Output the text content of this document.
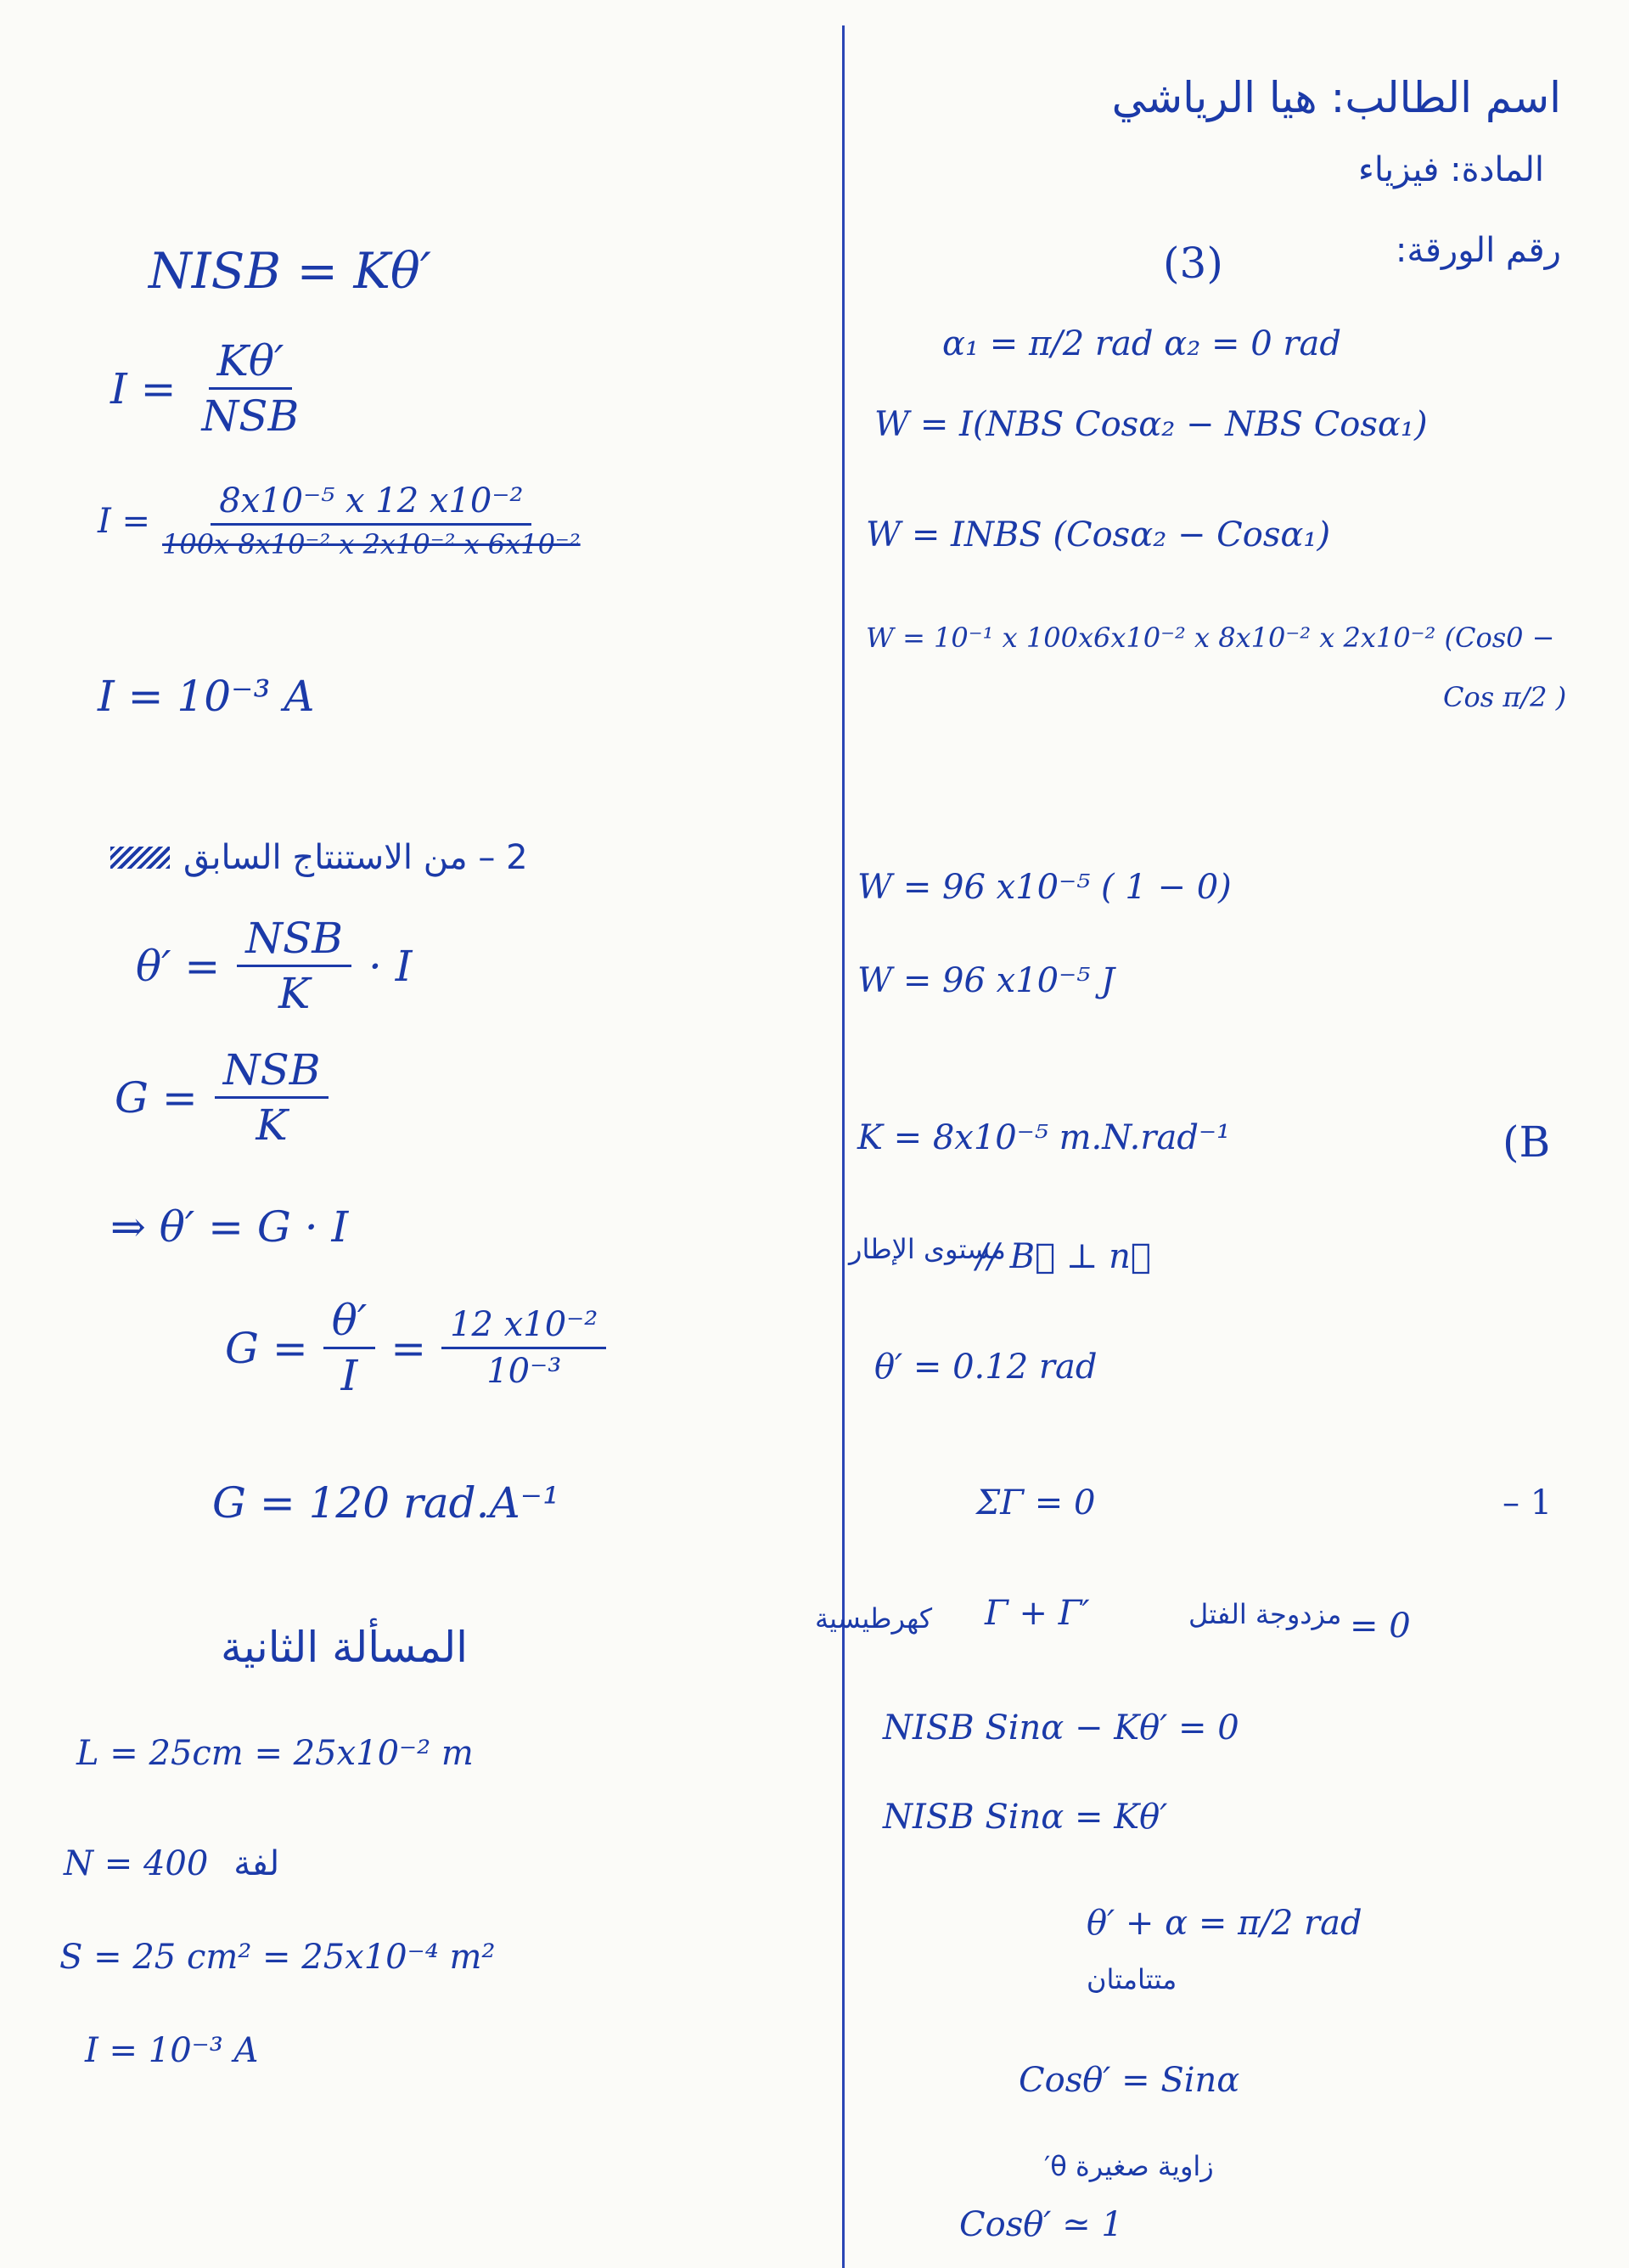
اسم الطالب: هيا الرياشي
المادة: فيزياء
رقم الورقة:
(3)
α₁ = π/2 rad α₂ = 0 rad
W = I(NBS Cosα₂ − NBS Cosα₁)
W = INBS (Cosα₂ − Cosα₁)
W = 10⁻¹ x 100x6x10⁻² x 8x10⁻² x 2x10⁻² (Cos0 −
Cos π/2 )
W = 96 x10⁻⁵ ( 1 − 0)
W = 96 x10⁻⁵ J
K = 8x10⁻⁵ m.N.rad⁻¹	(B
مستوى الإطار
// B⃗ ⊥ n⃗
θ′ = 0.12 rad
ΣΓ = 0	– 1
كهرطيسية Γ + Γ′	مزدوجة الفتل = 0
NISB Sinα − Kθ′ = 0
NISB Sinα = Kθ′
θ′ + α = π/2 rad
متتامتان
Cosθ′ = Sinα
زاوية صغيرة θ′
Cosθ′ ≃ 1
NISB = Kθ′
$I = \frac{K\theta'}{\text{NSB}}$
$I = \frac{\text{8x10⁻⁵ x 12 x10⁻²}}{\text{100x 8x10⁻² x 2x10⁻² x 6x10⁻²}}$
I = 10⁻³ A
2 – من الاستنتاج السابق
$\theta' = \frac{\text{NSB}}{K} \cdot I$
$G = \frac{\text{NSB}}{K}$
⇒ θ′ = G · I
$G = \frac{\theta'}{I} = \frac{\text{12 x10⁻²}}{\text{10⁻³}}$
G = 120 rad.A⁻¹
المسألة الثانية
L = 25cm = 25x10⁻² m
N = 400 لفة
S = 25 cm² = 25x10⁻⁴ m²
I = 10⁻³ A
